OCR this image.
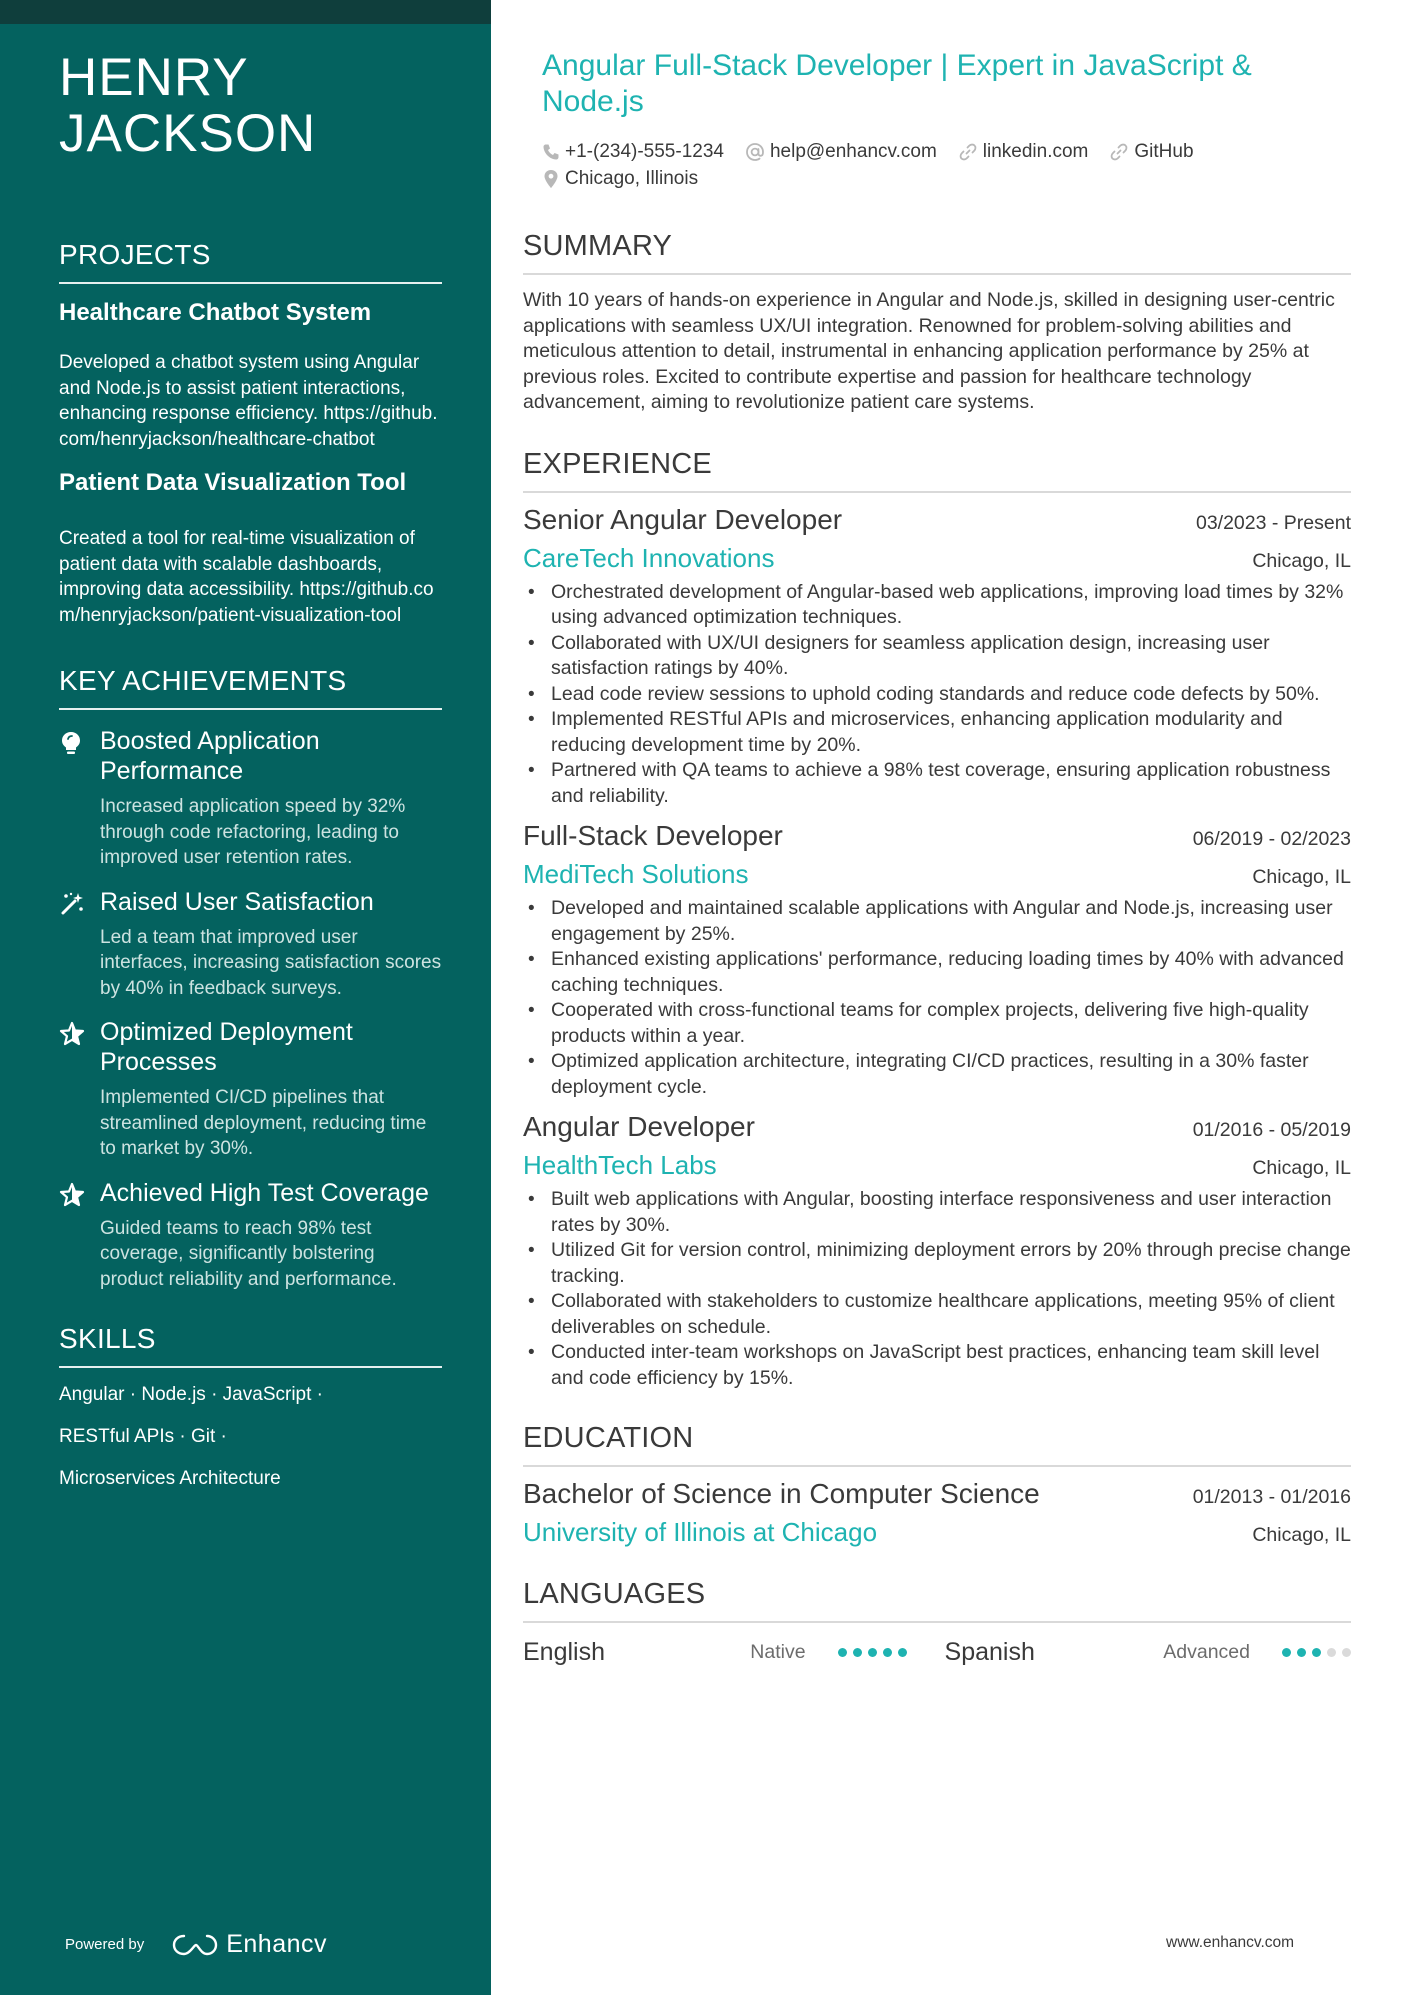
HENRY JACKSON
PROJECTS
Healthcare Chatbot System
Developed a chatbot system using Angular and Node.js to assist patient interactions, enhancing response efficiency. https://github.com/henryjackson/healthcare-chatbot
Patient Data Visualization Tool
Created a tool for real-time visualization of patient data with scalable dashboards, improving data accessibility. https://github.com/henryjackson/patient-visualization-tool
KEY ACHIEVEMENTS
Boosted Application Performance
Increased application speed by 32% through code refactoring, leading to improved user retention rates.
Raised User Satisfaction
Led a team that improved user interfaces, increasing satisfaction scores by 40% in feedback surveys.
Optimized Deployment Processes
Implemented CI/CD pipelines that streamlined deployment, reducing time to market by 30%.
Achieved High Test Coverage
Guided teams to reach 98% test coverage, significantly bolstering product reliability and performance.
SKILLS
Angular · Node.js · JavaScript ·
RESTful APIs · Git ·
Microservices Architecture
Powered by	Enhancv
Angular Full-Stack Developer | Expert in JavaScript & Node.js
+1-(234)-555-1234 help@enhancv.com linkedin.com GitHub
Chicago, Illinois
SUMMARY
With 10 years of hands-on experience in Angular and Node.js, skilled in designing user-centric applications with seamless UX/UI integration. Renowned for problem-solving abilities and meticulous attention to detail, instrumental in enhancing application performance by 25% at previous roles. Excited to contribute expertise and passion for healthcare technology advancement, aiming to revolutionize patient care systems.
EXPERIENCE
Senior Angular Developer	03/2023 - Present
CareTech Innovations	Chicago, IL
• Orchestrated development of Angular-based web applications, improving load times by 32% using advanced optimization techniques.
• Collaborated with UX/UI designers for seamless application design, increasing user satisfaction ratings by 40%.
• Lead code review sessions to uphold coding standards and reduce code defects by 50%.
• Implemented RESTful APIs and microservices, enhancing application modularity and reducing development time by 20%.
• Partnered with QA teams to achieve a 98% test coverage, ensuring application robustness and reliability.
Full-Stack Developer	06/2019 - 02/2023
MediTech Solutions	Chicago, IL
• Developed and maintained scalable applications with Angular and Node.js, increasing user engagement by 25%.
• Enhanced existing applications' performance, reducing loading times by 40% with advanced caching techniques.
• Cooperated with cross-functional teams for complex projects, delivering five high-quality products within a year.
• Optimized application architecture, integrating CI/CD practices, resulting in a 30% faster deployment cycle.
Angular Developer	01/2016 - 05/2019
HealthTech Labs	Chicago, IL
• Built web applications with Angular, boosting interface responsiveness and user interaction rates by 30%.
• Utilized Git for version control, minimizing deployment errors by 20% through precise change tracking.
• Collaborated with stakeholders to customize healthcare applications, meeting 95% of client deliverables on schedule.
• Conducted inter-team workshops on JavaScript best practices, enhancing team skill level and code efficiency by 15%.
EDUCATION
Bachelor of Science in Computer Science	01/2013 - 01/2016
University of Illinois at Chicago	Chicago, IL
LANGUAGES
English	Native	Spanish	Advanced
www.enhancv.com
